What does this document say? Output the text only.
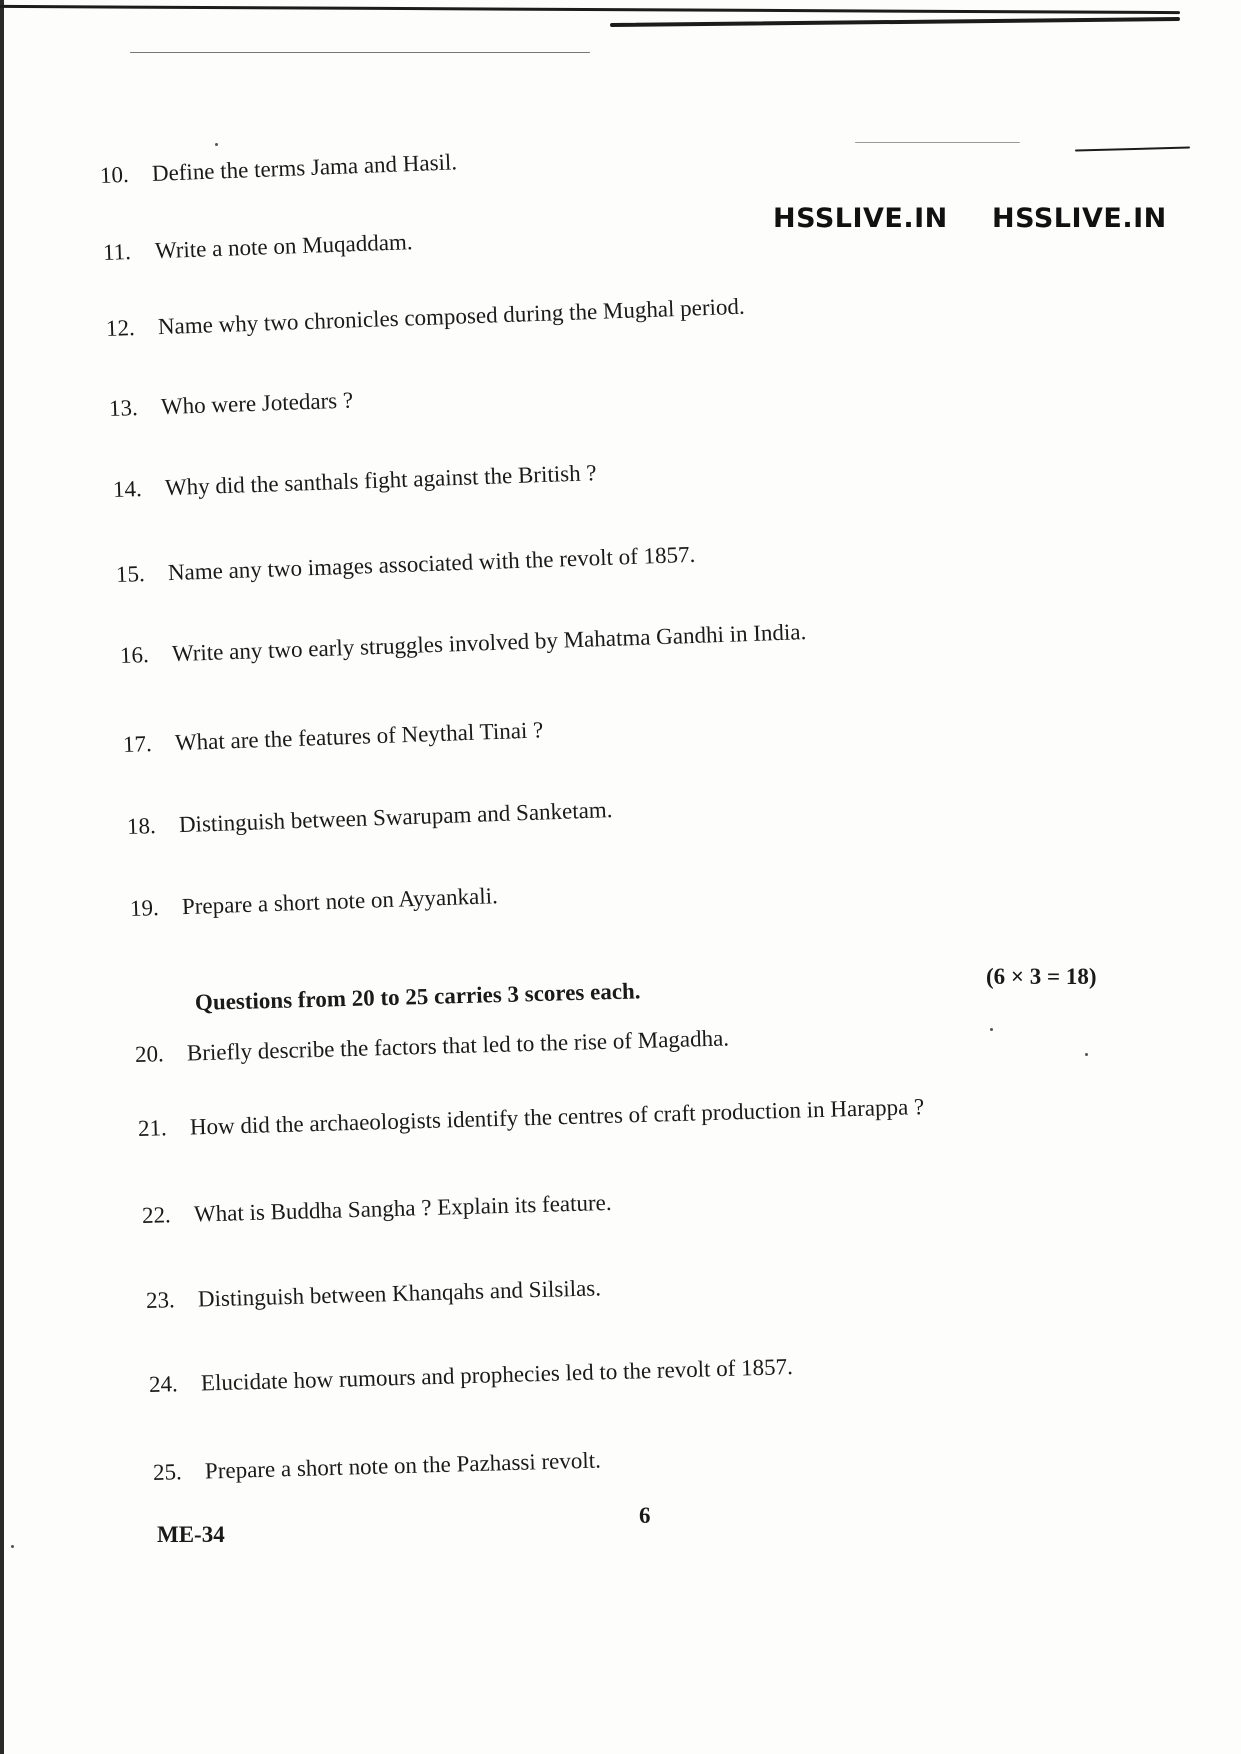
HSSLIVE.IN HSSLIVE.IN
10. Define the terms Jama and Hasil.
11. Write a note on Muqaddam.
12. Name why two chronicles composed during the Mughal period.
13. Who were Jotedars ?
14. Why did the santhals fight against the British ?
15. Name any two images associated with the revolt of 1857.
16. Write any two early struggles involved by Mahatma Gandhi in India.
17. What are the features of Neythal Tinai ?
18. Distinguish between Swarupam and Sanketam.
19. Prepare a short note on Ayyankali.
(6 × 3 = 18)
Questions from 20 to 25 carries 3 scores each.
20. Briefly describe the factors that led to the rise of Magadha.
21. How did the archaeologists identify the centres of craft production in Harappa ?
22. What is Buddha Sangha ? Explain its feature.
23. Distinguish between Khanqahs and Silsilas.
24. Elucidate how rumours and prophecies led to the revolt of 1857.
25. Prepare a short note on the Pazhassi revolt.
6
ME-34
